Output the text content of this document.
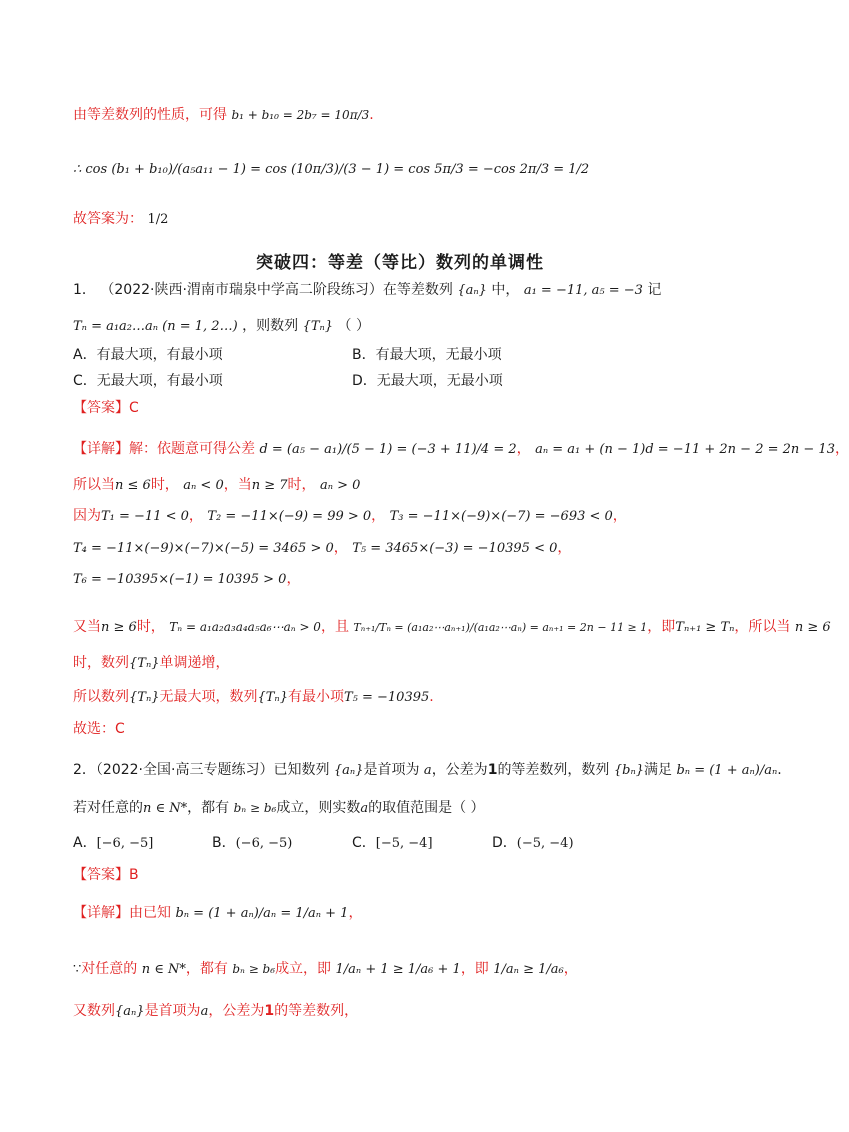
由等差数列的性质，可得 b₁ + b₁₀ = 2b₇ = 10π/3.
∴ cos (b₁ + b₁₀)/(a₅a₁₁ − 1) = cos (10π/3)/(3 − 1) = cos 5π/3 = −cos 2π/3 = 1/2
故答案为： 1/2
突破四：等差（等比）数列的单调性
1． （2022·陕西·渭南市瑞泉中学高二阶段练习）在等差数列 {aₙ} 中， a₁ = −11, a₅ = −3 记
Tₙ = a₁a₂…aₙ (n = 1, 2…) ，则数列 {Tₙ} （ ）
A．有最大项，有最小项	B．有最大项，无最小项
C．无最大项，有最小项	D．无最大项，无最小项
【答案】C
【详解】解：依题意可得公差 d = (a₅ − a₁)/(5 − 1) = (−3 + 11)/4 = 2， aₙ = a₁ + (n − 1)d = −11 + 2n − 2 = 2n − 13，
所以当n ≤ 6时， aₙ < 0，当n ≥ 7时， aₙ > 0
因为T₁ = −11 < 0， T₂ = −11×(−9) = 99 > 0， T₃ = −11×(−9)×(−7) = −693 < 0，
T₄ = −11×(−9)×(−7)×(−5) = 3465 > 0， T₅ = 3465×(−3) = −10395 < 0，
T₆ = −10395×(−1) = 10395 > 0，
又当n ≥ 6时， Tₙ = a₁a₂a₃a₄a₅a₆⋯aₙ > 0，且 Tₙ₊₁/Tₙ = (a₁a₂⋯aₙ₊₁)/(a₁a₂⋯aₙ) = aₙ₊₁ = 2n − 11 ≥ 1，即Tₙ₊₁ ≥ Tₙ，所以当 n ≥ 6
时，数列{Tₙ}单调递增，
所以数列{Tₙ}无最大项，数列{Tₙ}有最小项T₅ = −10395.
故选：C
2．（2022·全国·高三专题练习）已知数列 {aₙ}是首项为 a，公差为1的等差数列，数列 {bₙ}满足 bₙ = (1 + aₙ)/aₙ.
若对任意的n ∈ N*，都有 bₙ ≥ b₆成立，则实数a的取值范围是（ ）
A．[−6, −5]	B．(−6, −5)	C．[−5, −4]	D．(−5, −4)
【答案】B
【详解】由已知 bₙ = (1 + aₙ)/aₙ = 1/aₙ + 1，
∵对任意的 n ∈ N*，都有 bₙ ≥ b₆成立，即 1/aₙ + 1 ≥ 1/a₆ + 1，即 1/aₙ ≥ 1/a₆，
又数列{aₙ}是首项为a，公差为1的等差数列，
